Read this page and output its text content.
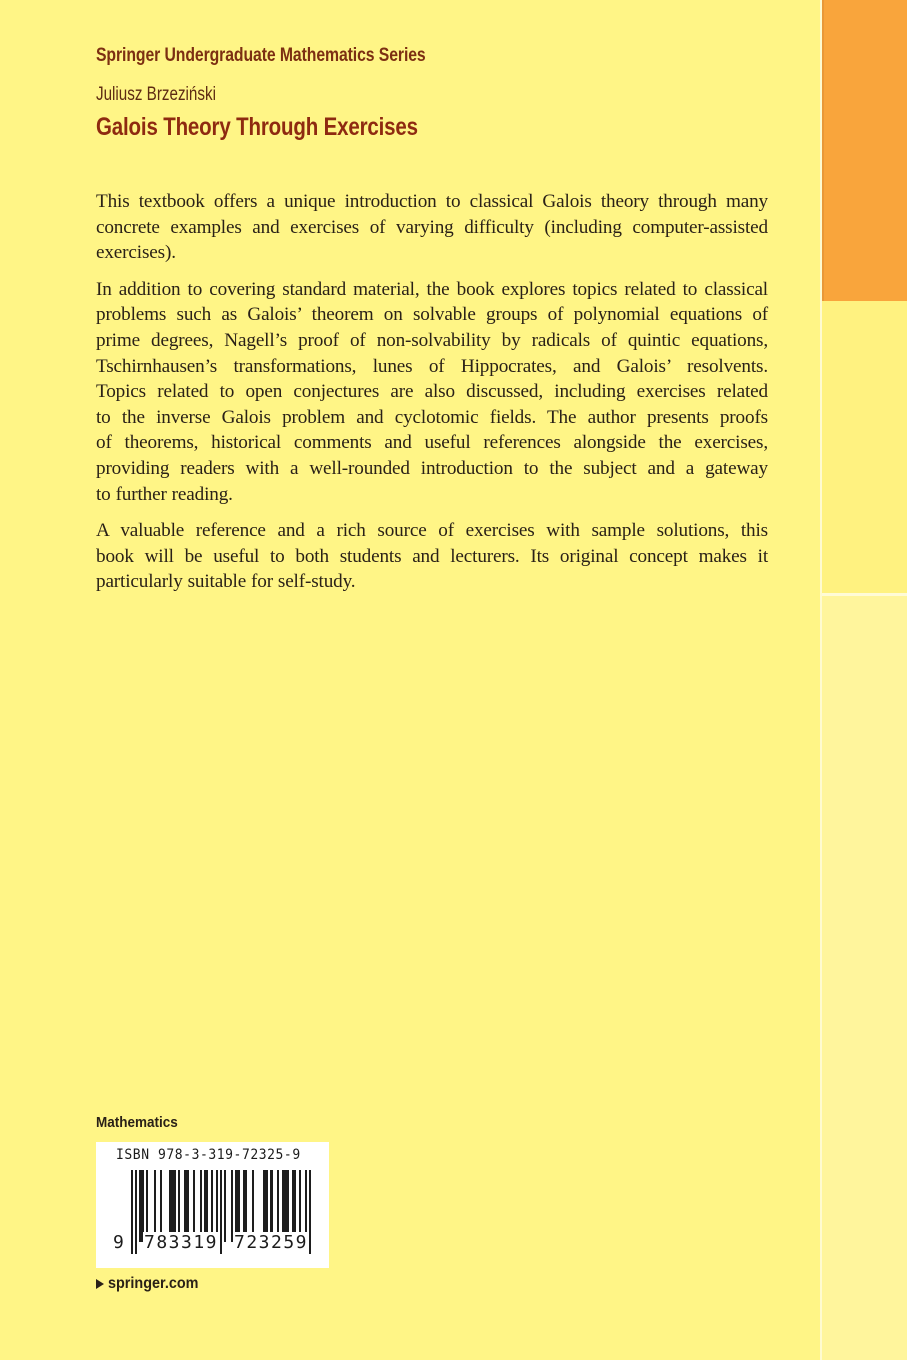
Springer Undergraduate Mathematics Series
Juliusz Brzeziński
Galois Theory Through Exercises

This textbook offers a unique introduction to classical Galois theory through many
concrete examples and exercises of varying difficulty (including computer-assisted
exercises).

In addition to covering standard material, the book explores topics related to classical
problems such as Galois’ theorem on solvable groups of polynomial equations of
prime degrees, Nagell’s proof of non-solvability by radicals of quintic equations,
Tschirnhausen’s transformations, lunes of Hippocrates, and Galois’ resolvents.
Topics related to open conjectures are also discussed, including exercises related
to the inverse Galois problem and cyclotomic fields. The author presents proofs
of theorems, historical comments and useful references alongside the exercises,
providing readers with a well-rounded introduction to the subject and a gateway
to further reading.

A valuable reference and a rich source of exercises with sample solutions, this
book will be useful to both students and lecturers. Its original concept makes it
particularly suitable for self-study.

Mathematics
ISBN 978-3-319-72325-9
9 783319 723259
springer.com
